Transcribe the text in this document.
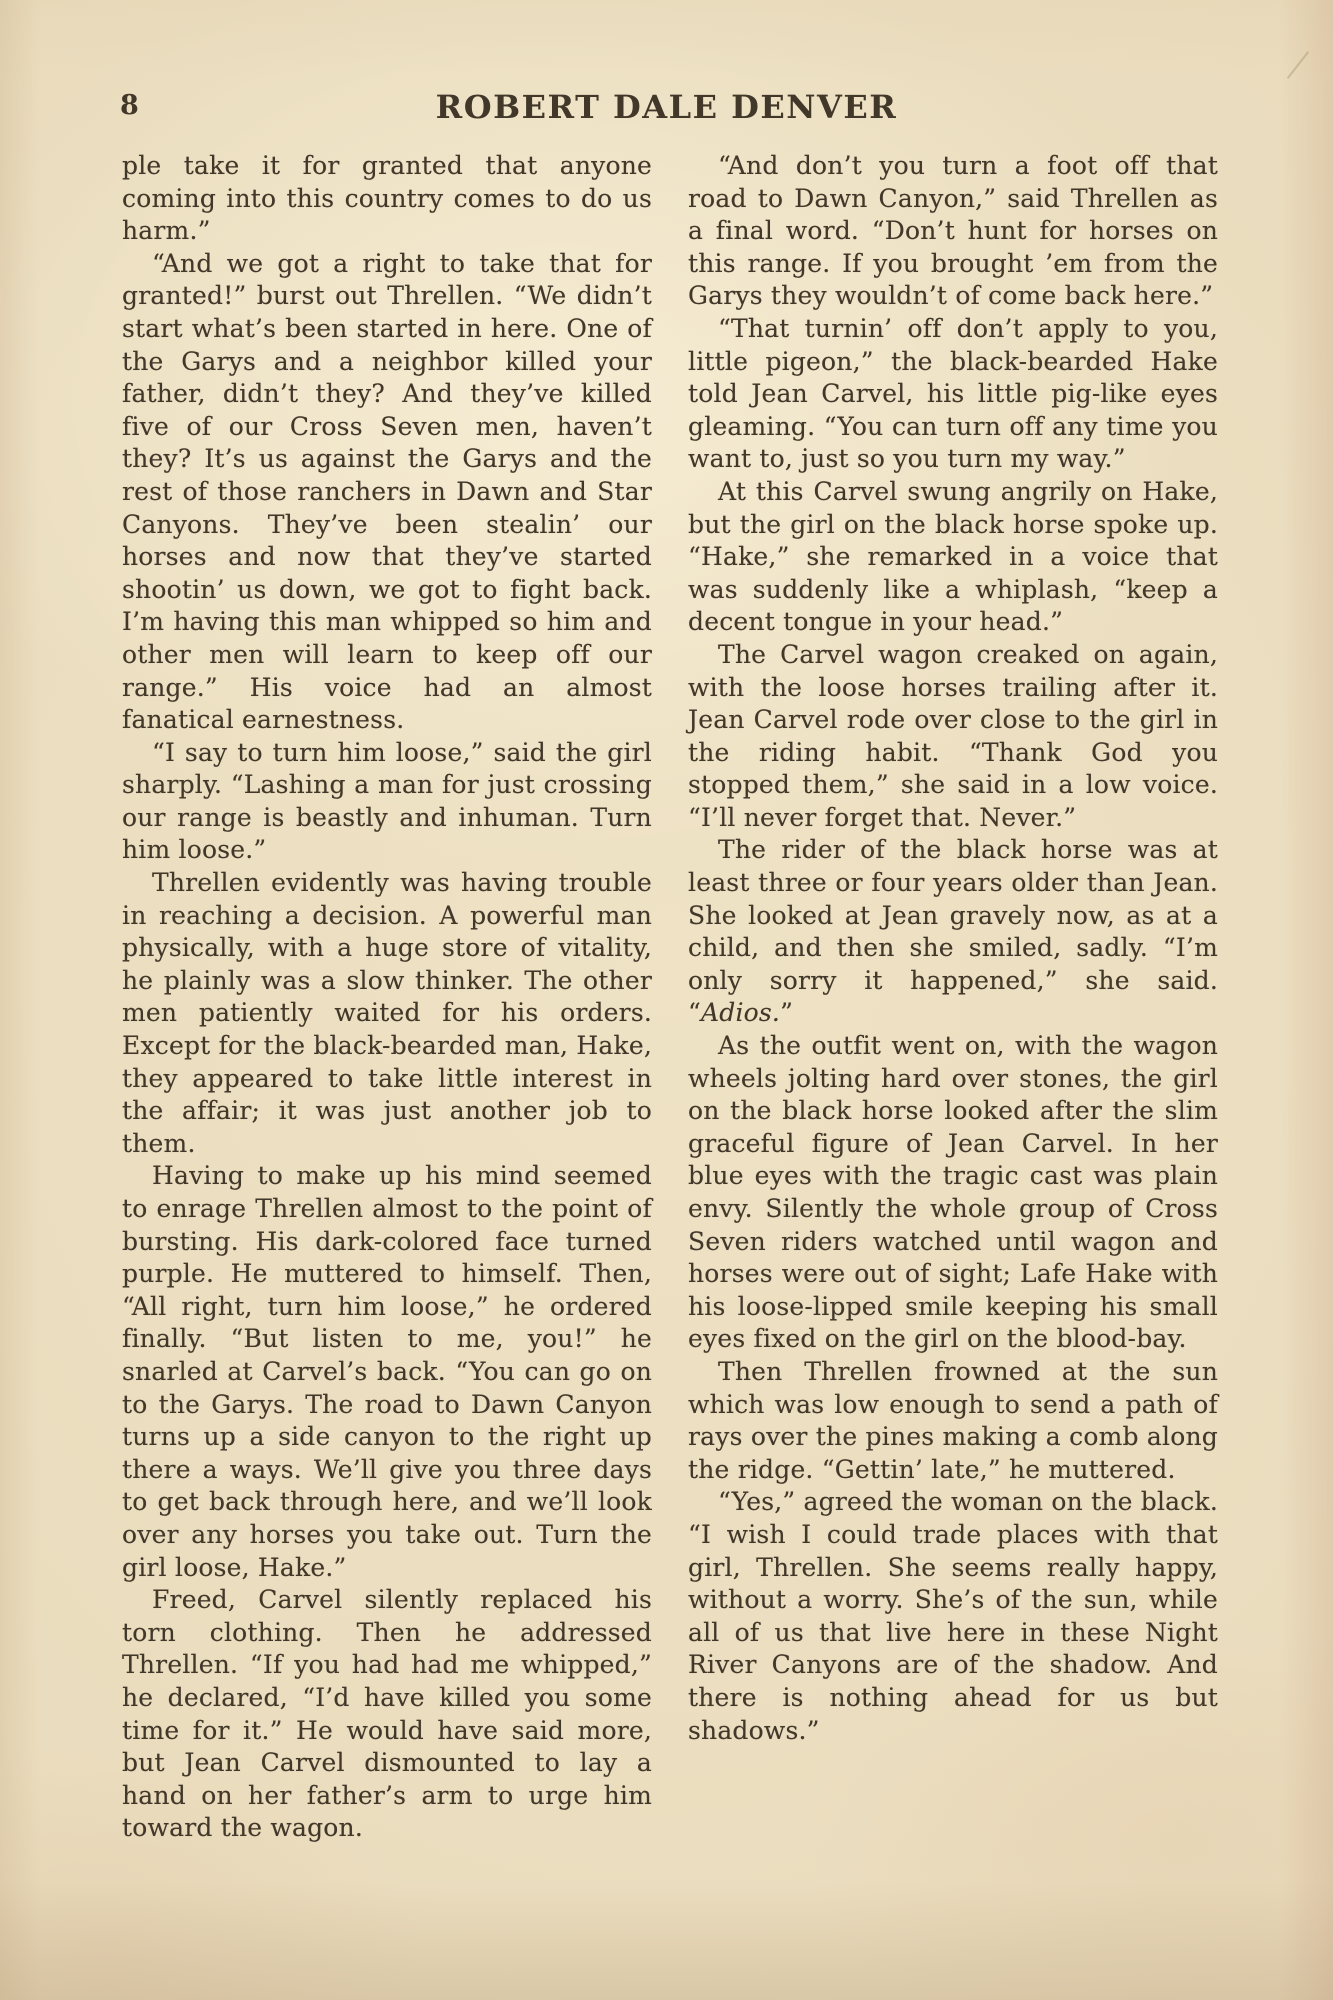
8	ROBERT DALE DENVER

ple take it for granted that anyone coming into this country comes to do us harm.”

“And we got a right to take that for granted!” burst out Threllen. “We didn’t start what’s been started in here. One of the Garys and a neighbor killed your father, didn’t they? And they’ve killed five of our Cross Seven men, haven’t they? It’s us against the Garys and the rest of those ranchers in Dawn and Star Canyons. They’ve been stealin’ our horses and now that they’ve started shootin’ us down, we got to fight back. I’m having this man whipped so him and other men will learn to keep off our range.” His voice had an almost fanatical earnestness.

“I say to turn him loose,” said the girl sharply. “Lashing a man for just crossing our range is beastly and inhuman. Turn him loose.”

Threllen evidently was having trouble in reaching a decision. A powerful man physically, with a huge store of vitality, he plainly was a slow thinker. The other men patiently waited for his orders. Except for the black-bearded man, Hake, they appeared to take little interest in the affair; it was just another job to them.

Having to make up his mind seemed to enrage Threllen almost to the point of bursting. His dark-colored face turned purple. He muttered to himself. Then, “All right, turn him loose,” he ordered finally. “But listen to me, you!” he snarled at Carvel’s back. “You can go on to the Garys. The road to Dawn Canyon turns up a side canyon to the right up there a ways. We’ll give you three days to get back through here, and we’ll look over any horses you take out. Turn the girl loose, Hake.”

Freed, Carvel silently replaced his torn clothing. Then he addressed Threllen. “If you had had me whipped,” he declared, “I’d have killed you some time for it.” He would have said more, but Jean Carvel dismounted to lay a hand on her father’s arm to urge him toward the wagon.

“And don’t you turn a foot off that road to Dawn Canyon,” said Threllen as a final word. “Don’t hunt for horses on this range. If you brought ’em from the Garys they wouldn’t of come back here.”

“That turnin’ off don’t apply to you, little pigeon,” the black-bearded Hake told Jean Carvel, his little pig-like eyes gleaming. “You can turn off any time you want to, just so you turn my way.”

At this Carvel swung angrily on Hake, but the girl on the black horse spoke up. “Hake,” she remarked in a voice that was suddenly like a whiplash, “keep a decent tongue in your head.”

The Carvel wagon creaked on again, with the loose horses trailing after it. Jean Carvel rode over close to the girl in the riding habit. “Thank God you stopped them,” she said in a low voice. “I’ll never forget that. Never.”

The rider of the black horse was at least three or four years older than Jean. She looked at Jean gravely now, as at a child, and then she smiled, sadly. “I’m only sorry it happened,” she said. “Adios.”

As the outfit went on, with the wagon wheels jolting hard over stones, the girl on the black horse looked after the slim graceful figure of Jean Carvel. In her blue eyes with the tragic cast was plain envy. Silently the whole group of Cross Seven riders watched until wagon and horses were out of sight; Lafe Hake with his loose-lipped smile keeping his small eyes fixed on the girl on the blood-bay.

Then Threllen frowned at the sun which was low enough to send a path of rays over the pines making a comb along the ridge. “Gettin’ late,” he muttered.

“Yes,” agreed the woman on the black. “I wish I could trade places with that girl, Threllen. She seems really happy, without a worry. She’s of the sun, while all of us that live here in these Night River Canyons are of the shadow. And there is nothing ahead for us but shadows.”
